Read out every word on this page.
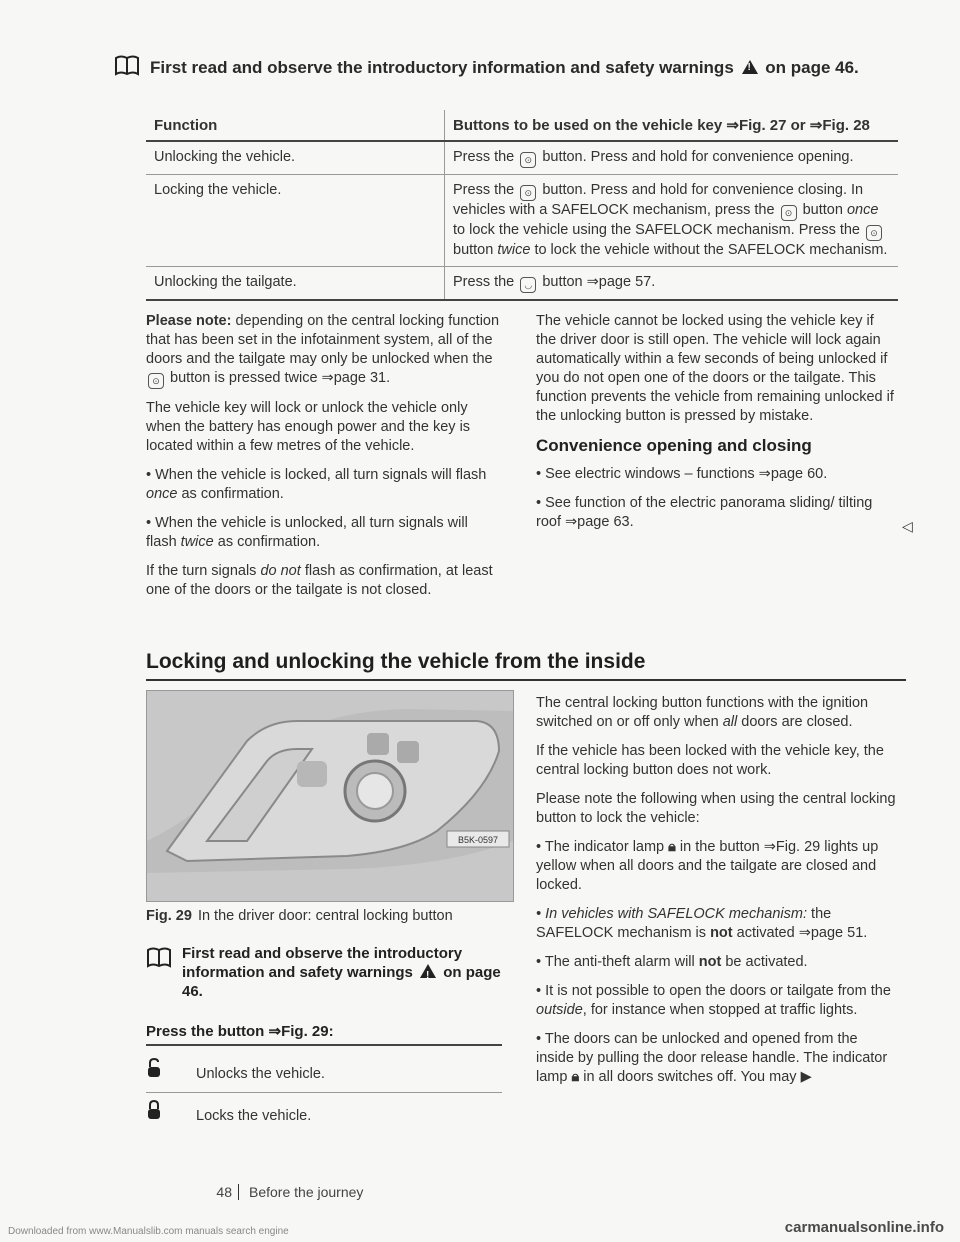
First read and observe the introductory information and safety warnings ! on page 46.
Function	Buttons to be used on the vehicle key ⇒Fig. 27 or ⇒Fig. 28
Unlocking the vehicle.	Press the ⊙ button. Press and hold for convenience opening.
Locking the vehicle.	Press the ⊙ button. Press and hold for convenience closing. In vehicles with a SAFELOCK mechanism, press the ⊙ button once to lock the vehicle using the SAFELOCK mechanism. Press the ⊙ button twice to lock the vehicle without the SAFELOCK mechanism.
Unlocking the tailgate.	Press the ◡ button ⇒page 57.

Please note: depending on the central locking function that has been set in the infotainment system, all of the doors and the tailgate may only be unlocked when the ⊙ button is pressed twice ⇒page 31.

The vehicle key will lock or unlock the vehicle only when the battery has enough power and the key is located within a few metres of the vehicle.

• When the vehicle is locked, all turn signals will flash once as confirmation.

• When the vehicle is unlocked, all turn signals will flash twice as confirmation.

If the turn signals do not flash as confirmation, at least one of the doors or the tailgate is not closed.

The vehicle cannot be locked using the vehicle key if the driver door is still open. The vehicle will lock again automatically within a few seconds of being unlocked if you do not open one of the doors or the tailgate. This function prevents the vehicle from remaining unlocked if the unlocking button is pressed by mistake.

Convenience opening and closing

• See electric windows – functions ⇒page 60.

• See function of the electric panorama sliding/ tilting roof ⇒page 63.	◁
Locking and unlocking the vehicle from the inside
B5K-0597
Fig. 29 In the driver door: central locking button
First read and observe the introductory information and safety warnings ! on page 46.
Press the button ⇒Fig. 29:
Unlocks the vehicle.
Locks the vehicle.

The central locking button functions with the ignition switched on or off only when all doors are closed.

If the vehicle has been locked with the vehicle key, the central locking button does not work.

Please note the following when using the central locking button to lock the vehicle:

• The indicator lamp 🔒︎ in the button ⇒Fig. 29 lights up yellow when all doors and the tailgate are closed and locked.

• In vehicles with SAFELOCK mechanism: the SAFELOCK mechanism is not activated ⇒page 51.

• The anti-theft alarm will not be activated.

• It is not possible to open the doors or tailgate from the outside, for instance when stopped at traffic lights.

• The doors can be unlocked and opened from the inside by pulling the door release handle. The indicator lamp 🔒︎ in all doors switches off. You may ▶

48 Before the journey
Downloaded from www.Manualslib.com manuals search engine	carmanualsonline.info
